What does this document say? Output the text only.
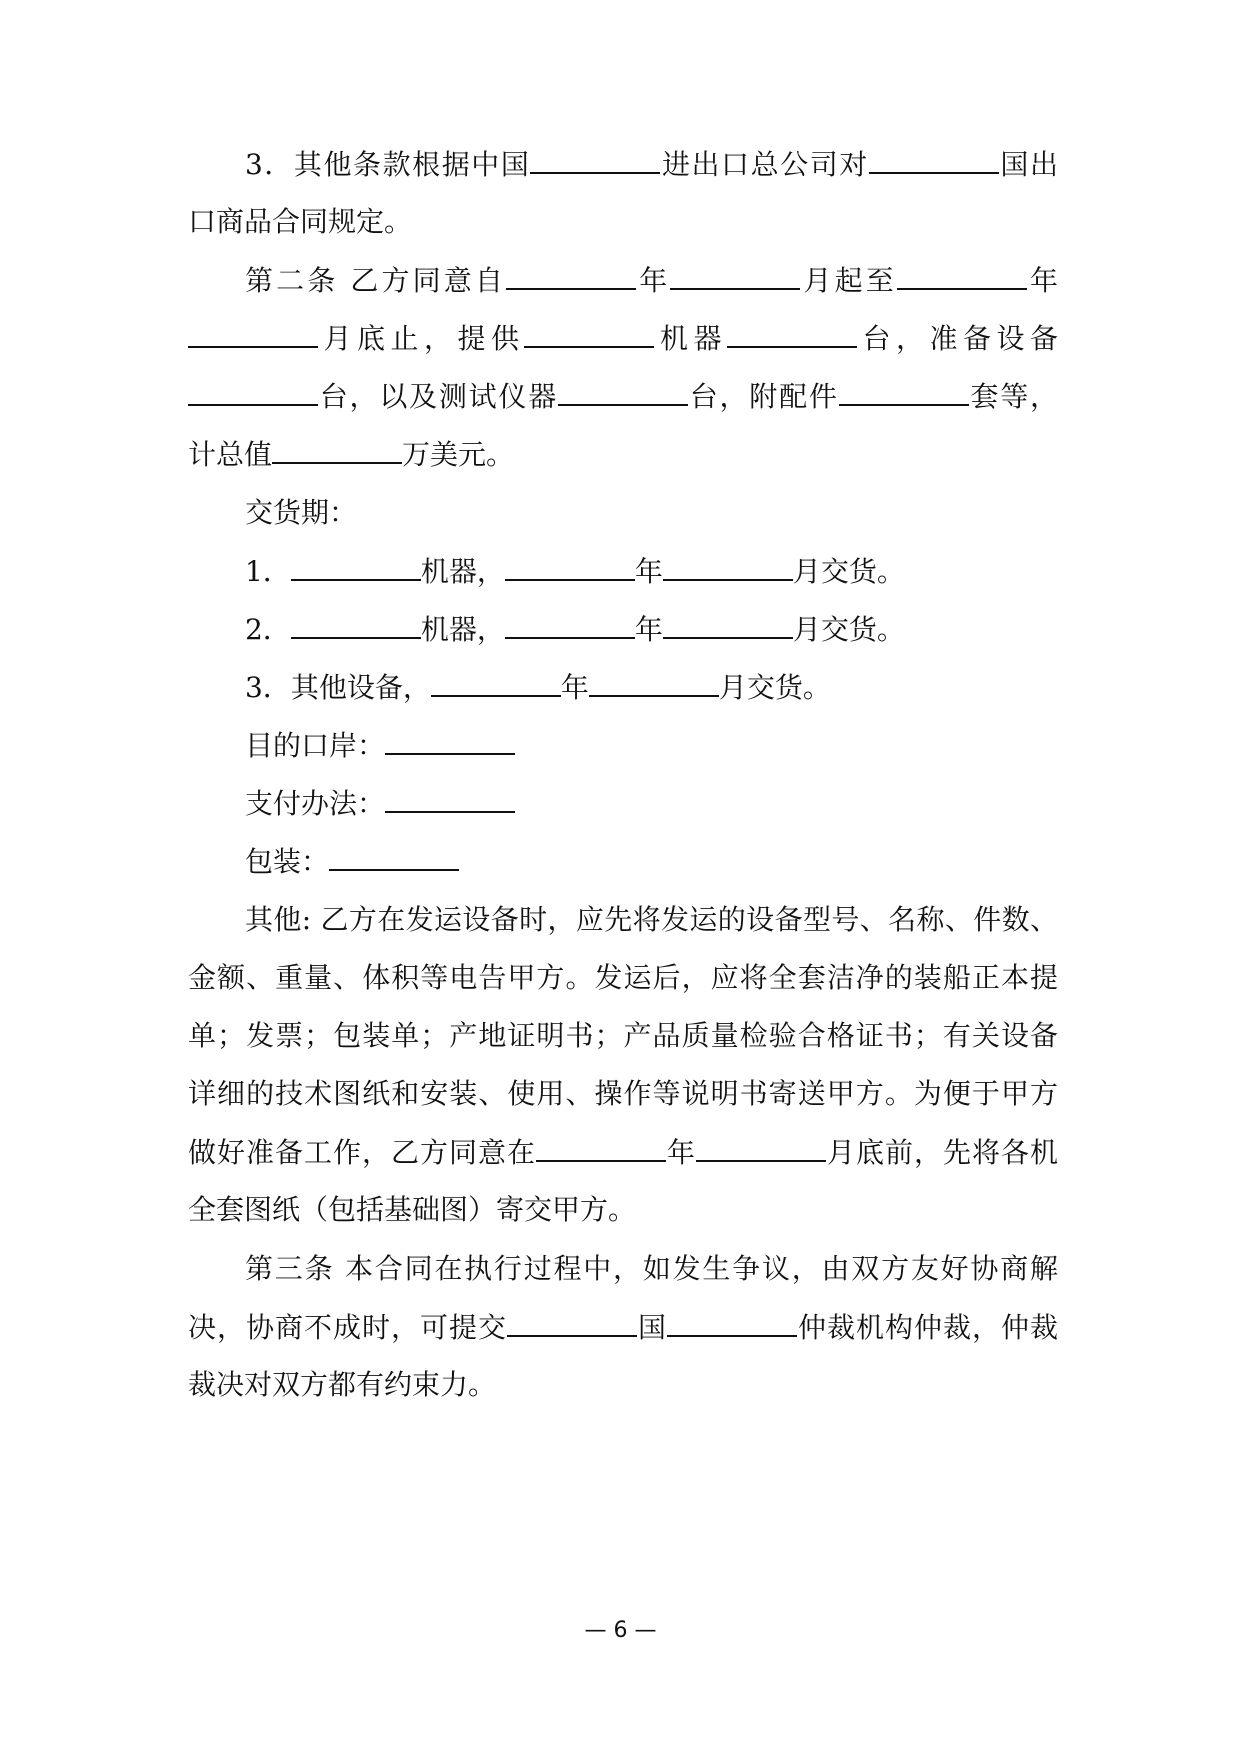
3．其他条款根据中国	进出口总公司对	国出
口商品合同规定。
第二条 乙方同意自	年	月起至	年
月底止，提供	机器	台，准备设备
台，以及测试仪器	台，附配件	套等，
计总值	万美元。
交货期：
1．	机器，	年	月交货。
2．	机器，	年	月交货。
3．其他设备，	年	月交货。
目的口岸：
支付办法：
包装：
其他: 乙方在发运设备时，应先将发运的设备型号、名称、件数、
金额、重量、体积等电告甲方。发运后，应将全套洁净的装船正本提
单；发票；包装单；产地证明书；产品质量检验合格证书；有关设备
详细的技术图纸和安装、使用、操作等说明书寄送甲方。为便于甲方
做好准备工作，乙方同意在	年	月底前，先将各机
全套图纸（包括基础图）寄交甲方。
第三条 本合同在执行过程中，如发生争议，由双方友好协商解
决，协商不成时，可提交	国	仲裁机构仲裁，仲裁
裁决对双方都有约束力。
— 6 —
